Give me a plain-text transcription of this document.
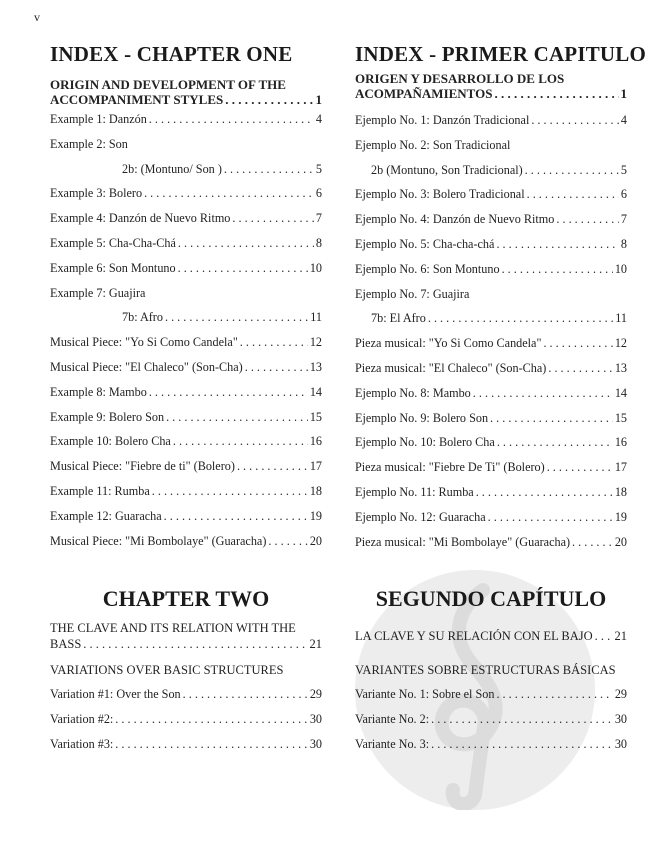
v
INDEX - CHAPTER ONE
ORIGIN AND DEVELOPMENT OF THE
ACCOMPANIMENT STYLES . . .	1
Example 1: Danzón . . .	4
Example 2: Son
2b: (Montuno/ Son ) . . .	5
Example 3: Bolero . . .	6
Example 4: Danzón de Nuevo Ritmo . . .	7
Example 5: Cha-Cha-Chá . . .	8
Example 6: Son Montuno . . .	10
Example 7: Guajira
7b: Afro . . .	11
Musical Piece: "Yo Si Como Candela" . . .	12
Musical Piece: "El Chaleco" (Son-Cha) . . .	13
Example 8: Mambo . . .	14
Example 9: Bolero Son . . .	15
Example 10: Bolero Cha . . .	16
Musical Piece: "Fiebre de ti" (Bolero) . . .	17
Example 11: Rumba . . .	18
Example 12: Guaracha . . .	19
Musical Piece: "Mi Bombolaye" (Guaracha) . . .	20
INDEX - PRIMER CAPITULO
ORIGEN Y DESARROLLO DE LOS
ACOMPAÑAMIENTOS . . .	1
Ejemplo No. 1: Danzón Tradicional . . .	4
Ejemplo No. 2: Son Tradicional
2b (Montuno, Son Tradicional) . . .	5
Ejemplo No. 3: Bolero Tradicional . . .	6
Ejemplo No. 4: Danzón de Nuevo Ritmo . . .	7
Ejemplo No. 5: Cha-cha-chá . . .	8
Ejemplo No. 6: Son Montuno . . .	10
Ejemplo No. 7: Guajira
7b: El Afro . . .	11
Pieza musical: "Yo Si Como Candela" . . .	12
Pieza musical: "El Chaleco" (Son-Cha) . . .	13
Ejemplo No. 8: Mambo . . .	14
Ejemplo No. 9: Bolero Son . . .	15
Ejemplo No. 10: Bolero Cha . . .	16
Pieza musical: "Fiebre De Ti" (Bolero) . . .	17
Ejemplo No. 11: Rumba . . .	18
Ejemplo No. 12: Guaracha . . .	19
Pieza musical: "Mi Bombolaye" (Guaracha) . . .	20
CHAPTER TWO
THE CLAVE AND ITS RELATION WITH THE
BASS . . .	21
VARIATIONS OVER BASIC STRUCTURES
Variation #1: Over the Son . . .	29
Variation #2: . . .	30
Variation #3: . . .	30
SEGUNDO CAPÍTULO
LA CLAVE Y SU RELACIÓN CON EL BAJO . . . 21
VARIANTES SOBRE ESTRUCTURAS BÁSICAS
Variante No. 1: Sobre el Son . . .	29
Variante No. 2: . . .	30
Variante No. 3: . . .	30
